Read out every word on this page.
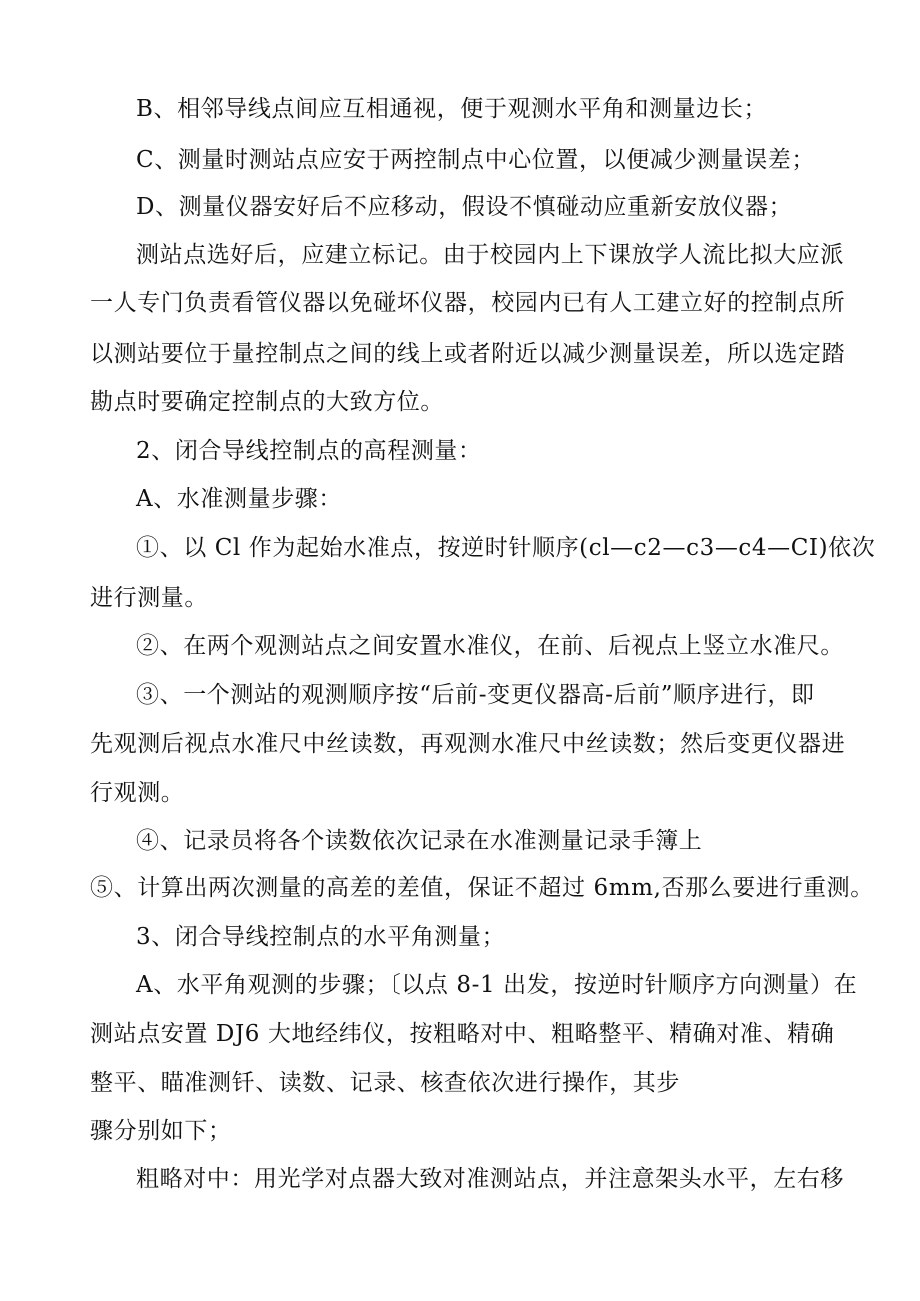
B、相邻导线点间应互相通视，便于观测水平角和测量边长；
C、测量时测站点应安于两控制点中心位置，以便减少测量误差；
D、测量仪器安好后不应移动，假设不慎碰动应重新安放仪器；
测站点选好后，应建立标记。由于校园内上下课放学人流比拟大应派
一人专门负责看管仪器以免碰坏仪器，校园内已有人工建立好的控制点所
以测站要位于量控制点之间的线上或者附近以减少测量误差，所以选定踏
勘点时要确定控制点的大致方位。
2、闭合导线控制点的高程测量：
A、水准测量步骤：
①、以 Cl 作为起始水准点，按逆时针顺序(cl—c2—c3—c4—CI)依次
进行测量。
②、在两个观测站点之间安置水准仪，在前、后视点上竖立水准尺。
③、一个测站的观测顺序按“后前-变更仪器高-后前”顺序进行，即
先观测后视点水准尺中丝读数，再观测水准尺中丝读数；然后变更仪器进
行观测。
④、记录员将各个读数依次记录在水准测量记录手簿上
⑤、计算出两次测量的高差的差值，保证不超过 6mm,否那么要进行重测。
3、闭合导线控制点的水平角测量；
A、水平角观测的步骤；〔以点 8-1 出发，按逆时针顺序方向测量）在
测站点安置 DJ6 大地经纬仪，按粗略对中、粗略整平、精确对准、精确
整平、瞄准测钎、读数、记录、核查依次进行操作，其步
骤分别如下；
粗略对中：用光学对点器大致对准测站点，并注意架头水平，左右移
